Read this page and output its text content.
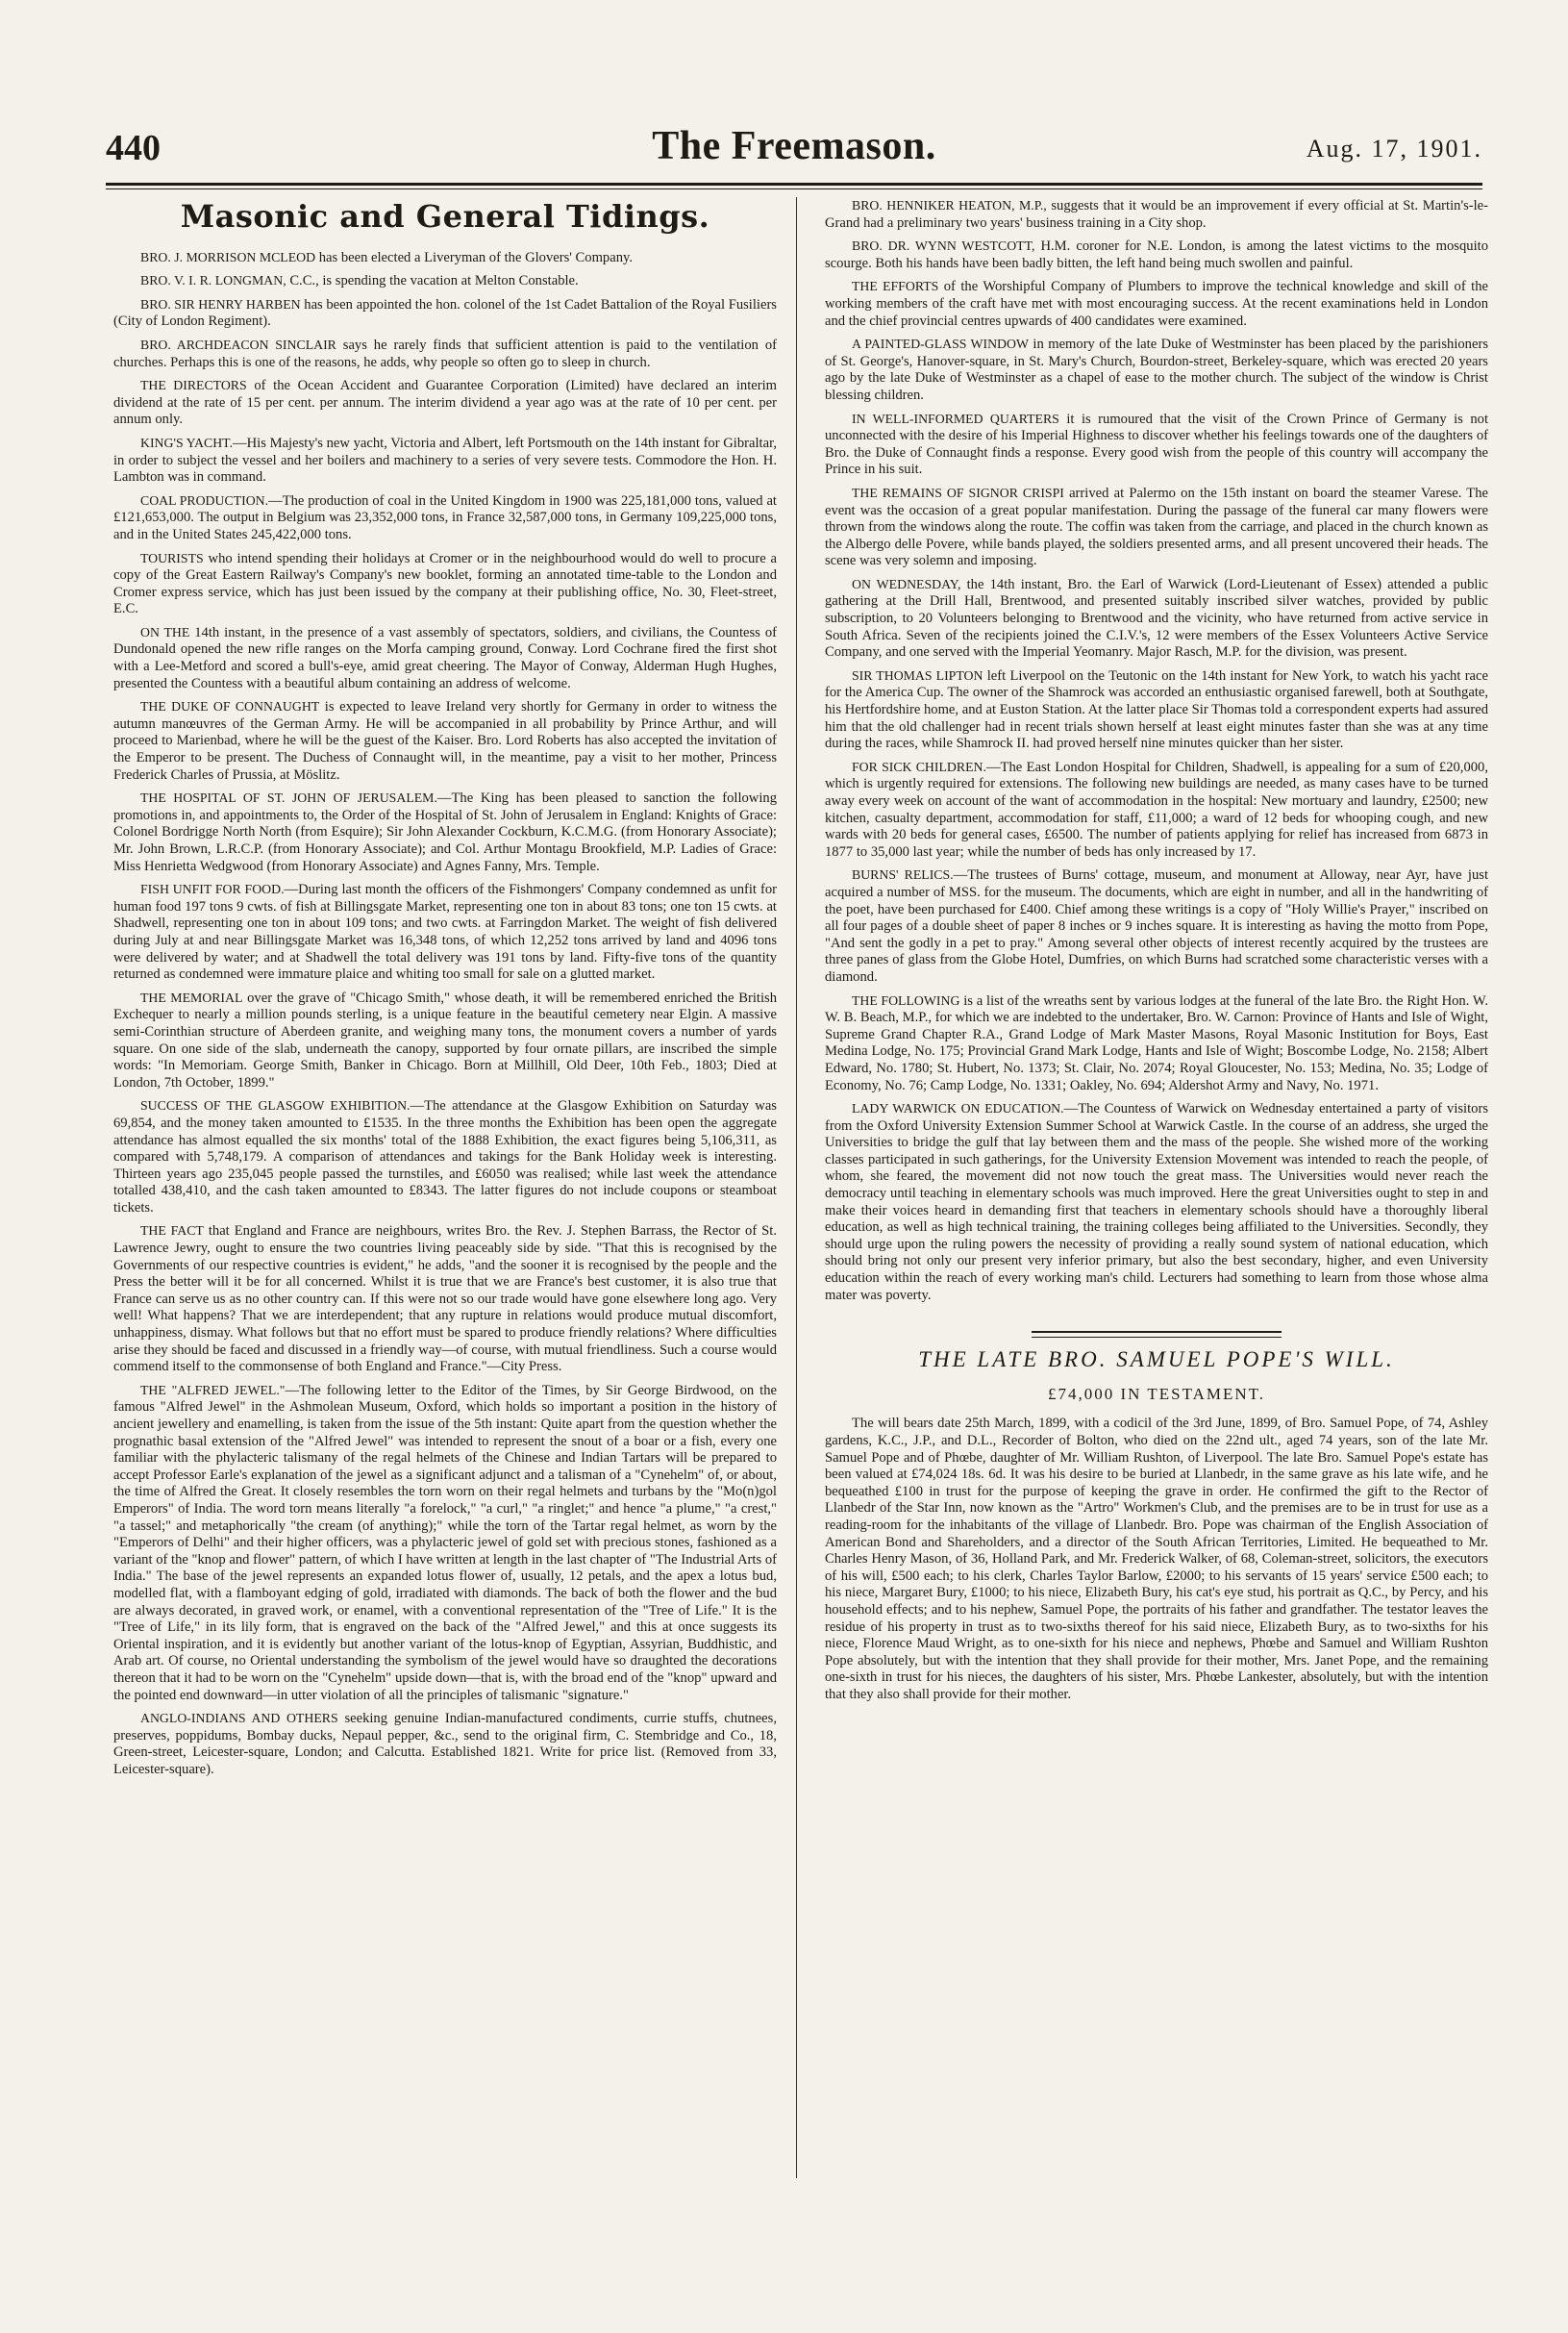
440	The Freemason.	Aug. 17, 1901.
Masonic and General Tidings.

BRO. J. MORRISON MCLEOD has been elected a Liveryman of the Glovers' Company.

BRO. V. I. R. LONGMAN, C.C., is spending the vacation at Melton Constable.

BRO. SIR HENRY HARBEN has been appointed the hon. colonel of the 1st Cadet Battalion of the Royal Fusiliers (City of London Regiment).

BRO. ARCHDEACON SINCLAIR says he rarely finds that sufficient attention is paid to the ventilation of churches. Perhaps this is one of the reasons, he adds, why people so often go to sleep in church.

THE DIRECTORS of the Ocean Accident and Guarantee Corporation (Limited) have declared an interim dividend at the rate of 15 per cent. per annum. The interim dividend a year ago was at the rate of 10 per cent. per annum only.

KING'S YACHT.—His Majesty's new yacht, Victoria and Albert, left Portsmouth on the 14th instant for Gibraltar, in order to subject the vessel and her boilers and machinery to a series of very severe tests. Commodore the Hon. H. Lambton was in command.

COAL PRODUCTION.—The production of coal in the United Kingdom in 1900 was 225,181,000 tons, valued at £121,653,000. The output in Belgium was 23,352,000 tons, in France 32,587,000 tons, in Germany 109,225,000 tons, and in the United States 245,422,000 tons.

TOURISTS who intend spending their holidays at Cromer or in the neighbourhood would do well to procure a copy of the Great Eastern Railway's Company's new booklet, forming an annotated time-table to the London and Cromer express service, which has just been issued by the company at their publishing office, No. 30, Fleet-street, E.C.

ON THE 14th instant, in the presence of a vast assembly of spectators, soldiers, and civilians, the Countess of Dundonald opened the new rifle ranges on the Morfa camping ground, Conway. Lord Cochrane fired the first shot with a Lee-Metford and scored a bull's-eye, amid great cheering. The Mayor of Conway, Alderman Hugh Hughes, presented the Countess with a beautiful album containing an address of welcome.

THE DUKE OF CONNAUGHT is expected to leave Ireland very shortly for Germany in order to witness the autumn manœuvres of the German Army. He will be accompanied in all probability by Prince Arthur, and will proceed to Marienbad, where he will be the guest of the Kaiser. Bro. Lord Roberts has also accepted the invitation of the Emperor to be present. The Duchess of Connaught will, in the meantime, pay a visit to her mother, Princess Frederick Charles of Prussia, at Möslitz.

THE HOSPITAL OF ST. JOHN OF JERUSALEM.—The King has been pleased to sanction the following promotions in, and appointments to, the Order of the Hospital of St. John of Jerusalem in England: Knights of Grace: Colonel Bordrigge North North (from Esquire); Sir John Alexander Cockburn, K.C.M.G. (from Honorary Associate); Mr. John Brown, L.R.C.P. (from Honorary Associate); and Col. Arthur Montagu Brookfield, M.P. Ladies of Grace: Miss Henrietta Wedgwood (from Honorary Associate) and Agnes Fanny, Mrs. Temple.

FISH UNFIT FOR FOOD.—During last month the officers of the Fishmongers' Company condemned as unfit for human food 197 tons 9 cwts. of fish at Billingsgate Market, representing one ton in about 83 tons; one ton 15 cwts. at Shadwell, representing one ton in about 109 tons; and two cwts. at Farringdon Market. The weight of fish delivered during July at and near Billingsgate Market was 16,348 tons, of which 12,252 tons arrived by land and 4096 tons were delivered by water; and at Shadwell the total delivery was 191 tons by land. Fifty-five tons of the quantity returned as condemned were immature plaice and whiting too small for sale on a glutted market.

THE MEMORIAL over the grave of "Chicago Smith," whose death, it will be remembered enriched the British Exchequer to nearly a million pounds sterling, is a unique feature in the beautiful cemetery near Elgin. A massive semi-Corinthian structure of Aberdeen granite, and weighing many tons, the monument covers a number of yards square. On one side of the slab, underneath the canopy, supported by four ornate pillars, are inscribed the simple words: "In Memoriam. George Smith, Banker in Chicago. Born at Millhill, Old Deer, 10th Feb., 1803; Died at London, 7th October, 1899."

SUCCESS OF THE GLASGOW EXHIBITION.—The attendance at the Glasgow Exhibition on Saturday was 69,854, and the money taken amounted to £1535. In the three months the Exhibition has been open the aggregate attendance has almost equalled the six months' total of the 1888 Exhibition, the exact figures being 5,106,311, as compared with 5,748,179. A comparison of attendances and takings for the Bank Holiday week is interesting. Thirteen years ago 235,045 people passed the turnstiles, and £6050 was realised; while last week the attendance totalled 438,410, and the cash taken amounted to £8343. The latter figures do not include coupons or steamboat tickets.

THE FACT that England and France are neighbours, writes Bro. the Rev. J. Stephen Barrass, the Rector of St. Lawrence Jewry, ought to ensure the two countries living peaceably side by side. "That this is recognised by the Governments of our respective countries is evident," he adds, "and the sooner it is recognised by the people and the Press the better will it be for all concerned. Whilst it is true that we are France's best customer, it is also true that France can serve us as no other country can. If this were not so our trade would have gone elsewhere long ago. Very well! What happens? That we are interdependent; that any rupture in relations would produce mutual discomfort, unhappiness, dismay. What follows but that no effort must be spared to produce friendly relations? Where difficulties arise they should be faced and discussed in a friendly way—of course, with mutual friendliness. Such a course would commend itself to the commonsense of both England and France."—City Press.

THE "ALFRED JEWEL."—The following letter to the Editor of the Times, by Sir George Birdwood, on the famous "Alfred Jewel" in the Ashmolean Museum, Oxford, which holds so important a position in the history of ancient jewellery and enamelling, is taken from the issue of the 5th instant: Quite apart from the question whether the prognathic basal extension of the "Alfred Jewel" was intended to represent the snout of a boar or a fish, every one familiar with the phylacteric talismany of the regal helmets of the Chinese and Indian Tartars will be prepared to accept Professor Earle's explanation of the jewel as a significant adjunct and a talisman of a "Cynehelm" of, or about, the time of Alfred the Great. It closely resembles the torn worn on their regal helmets and turbans by the "Mo(n)gol Emperors" of India. The word torn means literally "a forelock," "a curl," "a ringlet;" and hence "a plume," "a crest," "a tassel;" and metaphorically "the cream (of anything);" while the torn of the Tartar regal helmet, as worn by the "Emperors of Delhi" and their higher officers, was a phylacteric jewel of gold set with precious stones, fashioned as a variant of the "knop and flower" pattern, of which I have written at length in the last chapter of "The Industrial Arts of India." The base of the jewel represents an expanded lotus flower of, usually, 12 petals, and the apex a lotus bud, modelled flat, with a flamboyant edging of gold, irradiated with diamonds. The back of both the flower and the bud are always decorated, in graved work, or enamel, with a conventional representation of the "Tree of Life." It is the "Tree of Life," in its lily form, that is engraved on the back of the "Alfred Jewel," and this at once suggests its Oriental inspiration, and it is evidently but another variant of the lotus-knop of Egyptian, Assyrian, Buddhistic, and Arab art. Of course, no Oriental understanding the symbolism of the jewel would have so draughted the decorations thereon that it had to be worn on the "Cynehelm" upside down—that is, with the broad end of the "knop" upward and the pointed end downward—in utter violation of all the principles of talismanic "signature."

ANGLO-INDIANS AND OTHERS seeking genuine Indian-manufactured condiments, currie stuffs, chutnees, preserves, poppidums, Bombay ducks, Nepaul pepper, &c., send to the original firm, C. Stembridge and Co., 18, Green-street, Leicester-square, London; and Calcutta. Established 1821. Write for price list. (Removed from 33, Leicester-square).

BRO. HENNIKER HEATON, M.P., suggests that it would be an improvement if every official at St. Martin's-le-Grand had a preliminary two years' business training in a City shop.

BRO. DR. WYNN WESTCOTT, H.M. coroner for N.E. London, is among the latest victims to the mosquito scourge. Both his hands have been badly bitten, the left hand being much swollen and painful.

THE EFFORTS of the Worshipful Company of Plumbers to improve the technical knowledge and skill of the working members of the craft have met with most encouraging success. At the recent examinations held in London and the chief provincial centres upwards of 400 candidates were examined.

A PAINTED-GLASS WINDOW in memory of the late Duke of Westminster has been placed by the parishioners of St. George's, Hanover-square, in St. Mary's Church, Bourdon-street, Berkeley-square, which was erected 20 years ago by the late Duke of Westminster as a chapel of ease to the mother church. The subject of the window is Christ blessing children.

IN WELL-INFORMED QUARTERS it is rumoured that the visit of the Crown Prince of Germany is not unconnected with the desire of his Imperial Highness to discover whether his feelings towards one of the daughters of Bro. the Duke of Connaught finds a response. Every good wish from the people of this country will accompany the Prince in his suit.

THE REMAINS OF SIGNOR CRISPI arrived at Palermo on the 15th instant on board the steamer Varese. The event was the occasion of a great popular manifestation. During the passage of the funeral car many flowers were thrown from the windows along the route. The coffin was taken from the carriage, and placed in the church known as the Albergo delle Povere, while bands played, the soldiers presented arms, and all present uncovered their heads. The scene was very solemn and imposing.

ON WEDNESDAY, the 14th instant, Bro. the Earl of Warwick (Lord-Lieutenant of Essex) attended a public gathering at the Drill Hall, Brentwood, and presented suitably inscribed silver watches, provided by public subscription, to 20 Volunteers belonging to Brentwood and the vicinity, who have returned from active service in South Africa. Seven of the recipients joined the C.I.V.'s, 12 were members of the Essex Volunteers Active Service Company, and one served with the Imperial Yeomanry. Major Rasch, M.P. for the division, was present.

SIR THOMAS LIPTON left Liverpool on the Teutonic on the 14th instant for New York, to watch his yacht race for the America Cup. The owner of the Shamrock was accorded an enthusiastic organised farewell, both at Southgate, his Hertfordshire home, and at Euston Station. At the latter place Sir Thomas told a correspondent experts had assured him that the old challenger had in recent trials shown herself at least eight minutes faster than she was at any time during the races, while Shamrock II. had proved herself nine minutes quicker than her sister.

FOR SICK CHILDREN.—The East London Hospital for Children, Shadwell, is appealing for a sum of £20,000, which is urgently required for extensions. The following new buildings are needed, as many cases have to be turned away every week on account of the want of accommodation in the hospital: New mortuary and laundry, £2500; new kitchen, casualty department, accommodation for staff, £11,000; a ward of 12 beds for whooping cough, and new wards with 20 beds for general cases, £6500. The number of patients applying for relief has increased from 6873 in 1877 to 35,000 last year; while the number of beds has only increased by 17.

BURNS' RELICS.—The trustees of Burns' cottage, museum, and monument at Alloway, near Ayr, have just acquired a number of MSS. for the museum. The documents, which are eight in number, and all in the handwriting of the poet, have been purchased for £400. Chief among these writings is a copy of "Holy Willie's Prayer," inscribed on all four pages of a double sheet of paper 8 inches or 9 inches square. It is interesting as having the motto from Pope, "And sent the godly in a pet to pray." Among several other objects of interest recently acquired by the trustees are three panes of glass from the Globe Hotel, Dumfries, on which Burns had scratched some characteristic verses with a diamond.

THE FOLLOWING is a list of the wreaths sent by various lodges at the funeral of the late Bro. the Right Hon. W. W. B. Beach, M.P., for which we are indebted to the undertaker, Bro. W. Carnon: Province of Hants and Isle of Wight, Supreme Grand Chapter R.A., Grand Lodge of Mark Master Masons, Royal Masonic Institution for Boys, East Medina Lodge, No. 175; Provincial Grand Mark Lodge, Hants and Isle of Wight; Boscombe Lodge, No. 2158; Albert Edward, No. 1780; St. Hubert, No. 1373; St. Clair, No. 2074; Royal Gloucester, No. 153; Medina, No. 35; Lodge of Economy, No. 76; Camp Lodge, No. 1331; Oakley, No. 694; Aldershot Army and Navy, No. 1971.

LADY WARWICK ON EDUCATION.—The Countess of Warwick on Wednesday entertained a party of visitors from the Oxford University Extension Summer School at Warwick Castle. In the course of an address, she urged the Universities to bridge the gulf that lay between them and the mass of the people. She wished more of the working classes participated in such gatherings, for the University Extension Movement was intended to reach the people, of whom, she feared, the movement did not now touch the great mass. The Universities would never reach the democracy until teaching in elementary schools was much improved. Here the great Universities ought to step in and make their voices heard in demanding first that teachers in elementary schools should have a thoroughly liberal education, as well as high technical training, the training colleges being affiliated to the Universities. Secondly, they should urge upon the ruling powers the necessity of providing a really sound system of national education, which should bring not only our present very inferior primary, but also the best secondary, higher, and even University education within the reach of every working man's child. Lecturers had something to learn from those whose alma mater was poverty.

THE LATE BRO. SAMUEL POPE'S WILL.
£74,000 IN TESTAMENT.

The will bears date 25th March, 1899, with a codicil of the 3rd June, 1899, of Bro. Samuel Pope, of 74, Ashley gardens, K.C., J.P., and D.L., Recorder of Bolton, who died on the 22nd ult., aged 74 years, son of the late Mr. Samuel Pope and of Phœbe, daughter of Mr. William Rushton, of Liverpool. The late Bro. Samuel Pope's estate has been valued at £74,024 18s. 6d. It was his desire to be buried at Llanbedr, in the same grave as his late wife, and he bequeathed £100 in trust for the purpose of keeping the grave in order. He confirmed the gift to the Rector of Llanbedr of the Star Inn, now known as the "Artro" Workmen's Club, and the premises are to be in trust for use as a reading-room for the inhabitants of the village of Llanbedr. Bro. Pope was chairman of the English Association of American Bond and Shareholders, and a director of the South African Territories, Limited. He bequeathed to Mr. Charles Henry Mason, of 36, Holland Park, and Mr. Frederick Walker, of 68, Coleman-street, solicitors, the executors of his will, £500 each; to his clerk, Charles Taylor Barlow, £2000; to his servants of 15 years' service £500 each; to his niece, Margaret Bury, £1000; to his niece, Elizabeth Bury, his cat's eye stud, his portrait as Q.C., by Percy, and his household effects; and to his nephew, Samuel Pope, the portraits of his father and grandfather. The testator leaves the residue of his property in trust as to two-sixths thereof for his said niece, Elizabeth Bury, as to two-sixths for his niece, Florence Maud Wright, as to one-sixth for his niece and nephews, Phœbe and Samuel and William Rushton Pope absolutely, but with the intention that they shall provide for their mother, Mrs. Janet Pope, and the remaining one-sixth in trust for his nieces, the daughters of his sister, Mrs. Phœbe Lankester, absolutely, but with the intention that they also shall provide for their mother.
